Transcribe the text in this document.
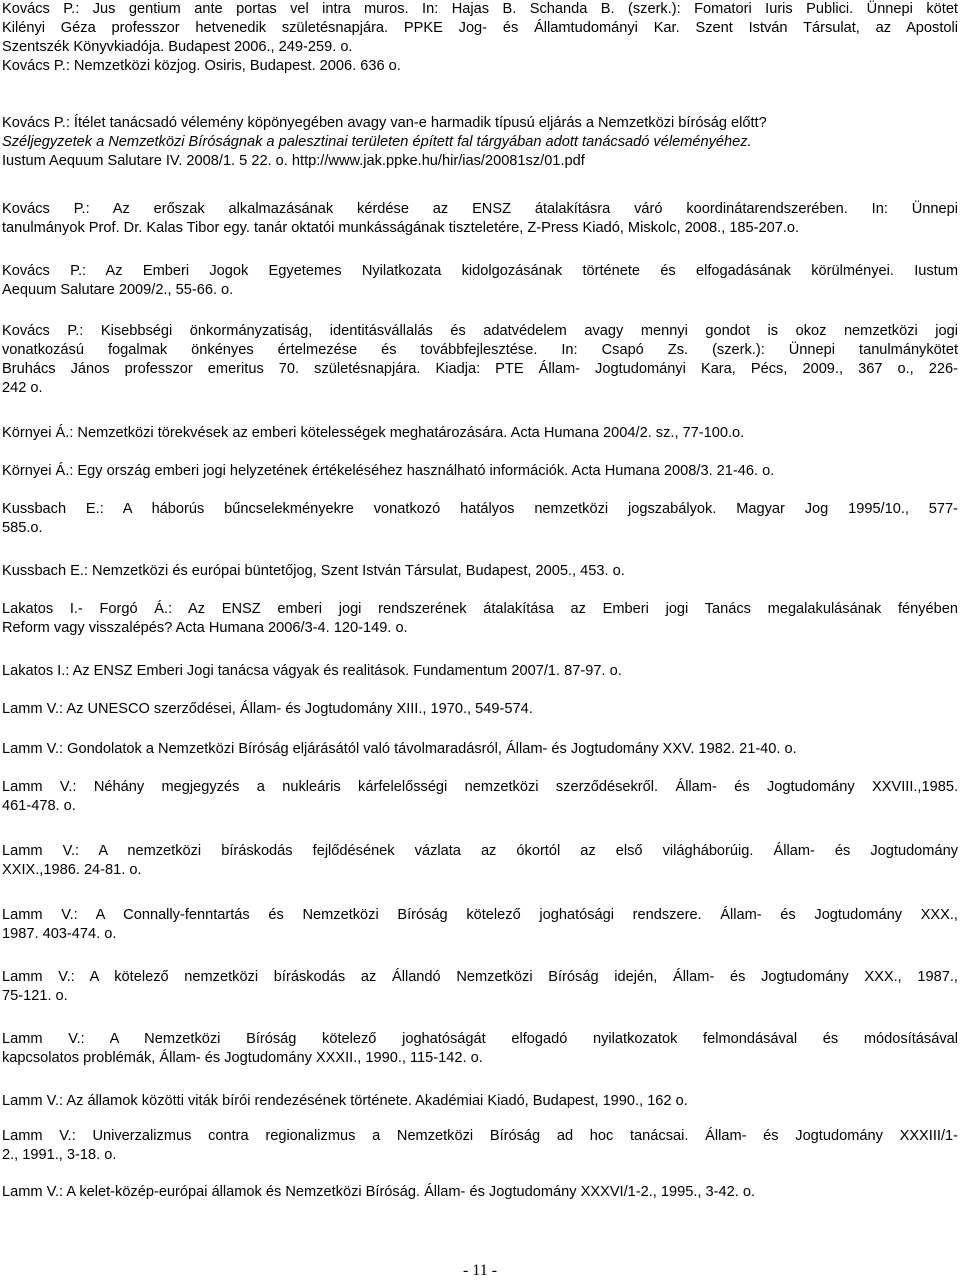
Kovács P.: Jus gentium ante portas vel intra muros. In: Hajas B. Schanda B. (szerk.): Fomatori Iuris Publici. Ünnepi kötet
Kilényi Géza professzor hetvenedik születésnapjára. PPKE Jog- és Államtudományi Kar. Szent István Társulat, az Apostoli
Szentszék Könyvkiadója. Budapest 2006., 249-259. o.
Kovács P.: Nemzetközi közjog. Osiris, Budapest. 2006. 636 o.
Kovács P.: Ítélet tanácsadó vélemény köpönyegében avagy van-e harmadik típusú eljárás a Nemzetközi bíróság előtt?
Széljegyzetek a Nemzetközi Bíróságnak a palesztinai területen épített fal tárgyában adott tanácsadó véleményéhez.
Iustum Aequum Salutare IV. 2008/1. 5 22. o. http://www.jak.ppke.hu/hir/ias/20081sz/01.pdf
Kovács P.: Az erőszak alkalmazásának kérdése az ENSZ átalakításra váró koordinátarendszerében. In: Ünnepi
tanulmányok Prof. Dr. Kalas Tibor egy. tanár oktatói munkásságának tiszteletére, Z-Press Kiadó, Miskolc, 2008., 185-207.o.
Kovács P.: Az Emberi Jogok Egyetemes Nyilatkozata kidolgozásának története és elfogadásának körülményei. Iustum
Aequum Salutare 2009/2., 55-66. o.
Kovács P.: Kisebbségi önkormányzatiság, identitásvállalás és adatvédelem avagy mennyi gondot is okoz nemzetközi jogi
vonatkozású fogalmak önkényes értelmezése és továbbfejlesztése. In: Csapó Zs. (szerk.): Ünnepi tanulmánykötet
Bruhács János professzor emeritus 70. születésnapjára. Kiadja: PTE Állam- Jogtudományi Kara, Pécs, 2009., 367 o., 226-
242 o.
Környei Á.: Nemzetközi törekvések az emberi kötelességek meghatározására. Acta Humana 2004/2. sz., 77-100.o.
Környei Á.: Egy ország emberi jogi helyzetének értékeléséhez használható információk. Acta Humana 2008/3. 21-46. o.
Kussbach E.: A háborús bűncselekményekre vonatkozó hatályos nemzetközi jogszabályok. Magyar Jog 1995/10., 577-
585.o.
Kussbach E.: Nemzetközi és európai büntetőjog, Szent István Társulat, Budapest, 2005., 453. o.
Lakatos I.- Forgó Á.: Az ENSZ emberi jogi rendszerének átalakítása az Emberi jogi Tanács megalakulásának fényében
Reform vagy visszalépés? Acta Humana 2006/3-4. 120-149. o.
Lakatos I.: Az ENSZ Emberi Jogi tanácsa vágyak és realitások. Fundamentum 2007/1. 87-97. o.
Lamm V.: Az UNESCO szerződései, Állam- és Jogtudomány XIII., 1970., 549-574.
Lamm V.: Gondolatok a Nemzetközi Bíróság eljárásától való távolmaradásról, Állam- és Jogtudomány XXV. 1982. 21-40. o.
Lamm V.: Néhány megjegyzés a nukleáris kárfelelősségi nemzetközi szerződésekről. Állam- és Jogtudomány XXVIII.,1985.
461-478. o.
Lamm V.: A nemzetközi bíráskodás fejlődésének vázlata az ókortól az első világháborúig. Állam- és Jogtudomány
XXIX.,1986. 24-81. o.
Lamm V.: A Connally-fenntartás és Nemzetközi Bíróság kötelező joghatósági rendszere. Állam- és Jogtudomány XXX.,
1987. 403-474. o.
Lamm V.: A kötelező nemzetközi bíráskodás az Állandó Nemzetközi Bíróság idején, Állam- és Jogtudomány XXX., 1987.,
75-121. o.
Lamm V.: A Nemzetközi Bíróság kötelező joghatóságát elfogadó nyilatkozatok felmondásával és módosításával
kapcsolatos problémák, Állam- és Jogtudomány XXXII., 1990., 115-142. o.
Lamm V.: Az államok közötti viták bírói rendezésének története. Akadémiai Kiadó, Budapest, 1990., 162 o.
Lamm V.: Univerzalizmus contra regionalizmus a Nemzetközi Bíróság ad hoc tanácsai. Állam- és Jogtudomány XXXIII/1-
2., 1991., 3-18. o.
Lamm V.: A kelet-közép-európai államok és Nemzetközi Bíróság. Állam- és Jogtudomány XXXVI/1-2., 1995., 3-42. o.
- 11 -
